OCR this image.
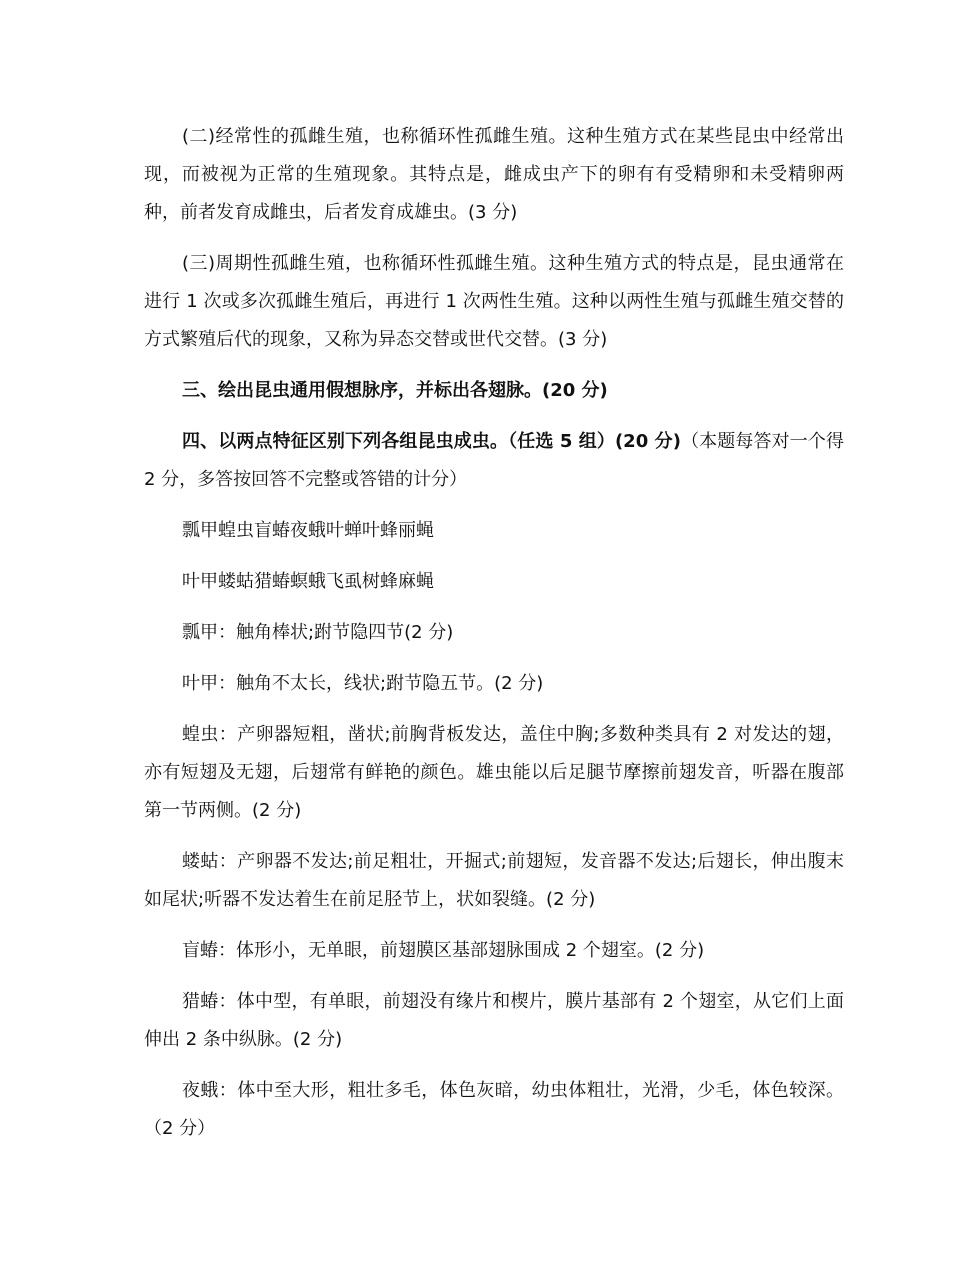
(二)经常性的孤雌生殖，也称循环性孤雌生殖。这种生殖方式在某些昆虫中经常出现，而被视为正常的生殖现象。其特点是，雌成虫产下的卵有有受精卵和未受精卵两种，前者发育成雌虫，后者发育成雄虫。(3 分)

(三)周期性孤雌生殖，也称循环性孤雌生殖。这种生殖方式的特点是，昆虫通常在进行 1 次或多次孤雌生殖后，再进行 1 次两性生殖。这种以两性生殖与孤雌生殖交替的方式繁殖后代的现象，又称为异态交替或世代交替。(3 分)

三、绘出昆虫通用假想脉序，并标出各翅脉。(20 分)

四、以两点特征区别下列各组昆虫成虫。（任选 5 组）(20 分)（本题每答对一个得 2 分，多答按回答不完整或答错的计分）

瓢甲蝗虫盲蝽夜蛾叶蝉叶蜂丽蝇

叶甲蝼蛄猎蝽螟蛾飞虱树蜂麻蝇

瓢甲：触角棒状;跗节隐四节(2 分)

叶甲：触角不太长，线状;跗节隐五节。(2 分)

蝗虫：产卵器短粗，凿状;前胸背板发达，盖住中胸;多数种类具有 2 对发达的翅，亦有短翅及无翅，后翅常有鲜艳的颜色。雄虫能以后足腿节摩擦前翅发音，听器在腹部第一节两侧。(2 分)

蝼蛄：产卵器不发达;前足粗壮，开掘式;前翅短，发音器不发达;后翅长，伸出腹末如尾状;听器不发达着生在前足胫节上，状如裂缝。(2 分)

盲蝽：体形小，无单眼，前翅膜区基部翅脉围成 2 个翅室。(2 分)

猎蝽：体中型，有单眼，前翅没有缘片和楔片，膜片基部有 2 个翅室，从它们上面伸出 2 条中纵脉。(2 分)

夜蛾：体中至大形，粗壮多毛，体色灰暗，幼虫体粗壮，光滑，少毛，体色较深。（2 分）
